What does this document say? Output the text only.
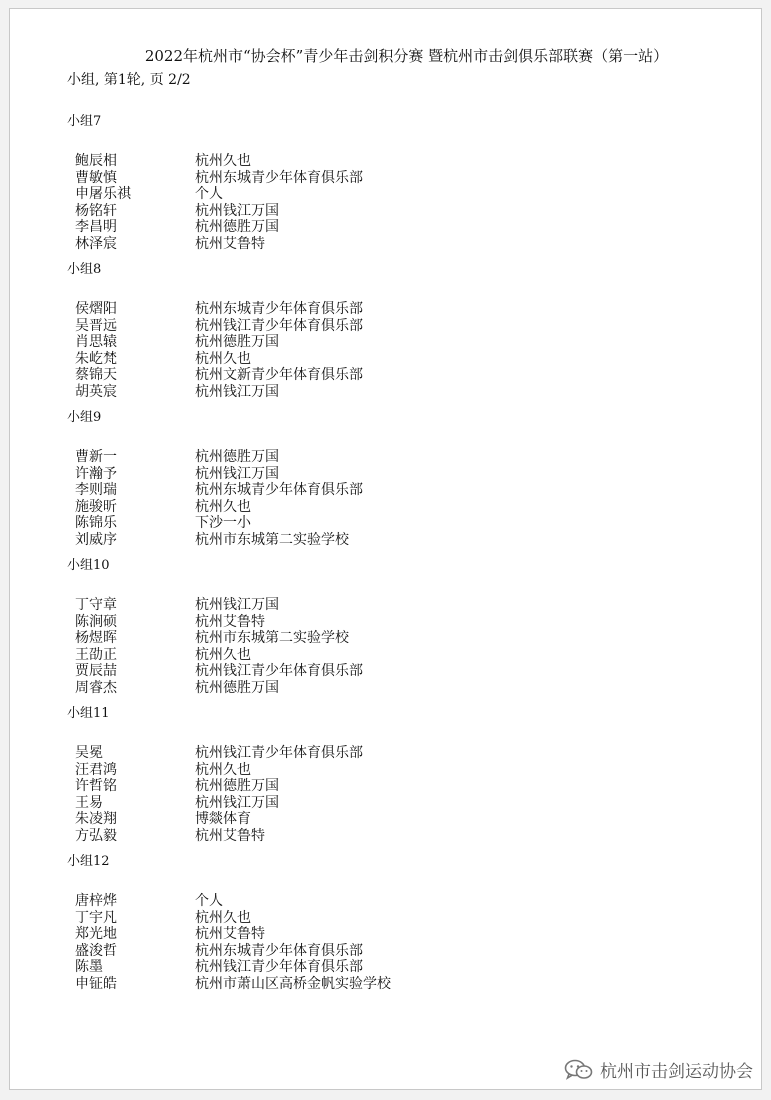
2022年杭州市“协会杯”青少年击剑积分赛 暨杭州市击剑俱乐部联赛（第一站）
小组, 第1轮, 页 2/2
小组7
鲍辰相	杭州久也
曹敏慎	杭州东城青少年体育俱乐部
申屠乐祺	个人
杨铭轩	杭州钱江万国
李昌明	杭州德胜万国
林泽宸	杭州艾鲁特
小组8
侯熠阳	杭州东城青少年体育俱乐部
吴晋远	杭州钱江青少年体育俱乐部
肖思辕	杭州德胜万国
朱屹梵	杭州久也
蔡锦天	杭州文新青少年体育俱乐部
胡英宸	杭州钱江万国
小组9
曹新一	杭州德胜万国
许瀚予	杭州钱江万国
李则瑞	杭州东城青少年体育俱乐部
施骏昕	杭州久也
陈锦乐	下沙一小
刘威序	杭州市东城第二实验学校
小组10
丁守章	杭州钱江万国
陈涧硕	杭州艾鲁特
杨煜晖	杭州市东城第二实验学校
王劭正	杭州久也
贾辰喆	杭州钱江青少年体育俱乐部
周睿杰	杭州德胜万国
小组11
吴冕	杭州钱江青少年体育俱乐部
汪君鸿	杭州久也
许哲铭	杭州德胜万国
王易	杭州钱江万国
朱凌翔	博燚体育
方弘毅	杭州艾鲁特
小组12
唐梓烨	个人
丁宇凡	杭州久也
郑光地	杭州艾鲁特
盛浚哲	杭州东城青少年体育俱乐部
陈墨	杭州钱江青少年体育俱乐部
申钲皓	杭州市萧山区高桥金帆实验学校
杭州市击剑运动协会
